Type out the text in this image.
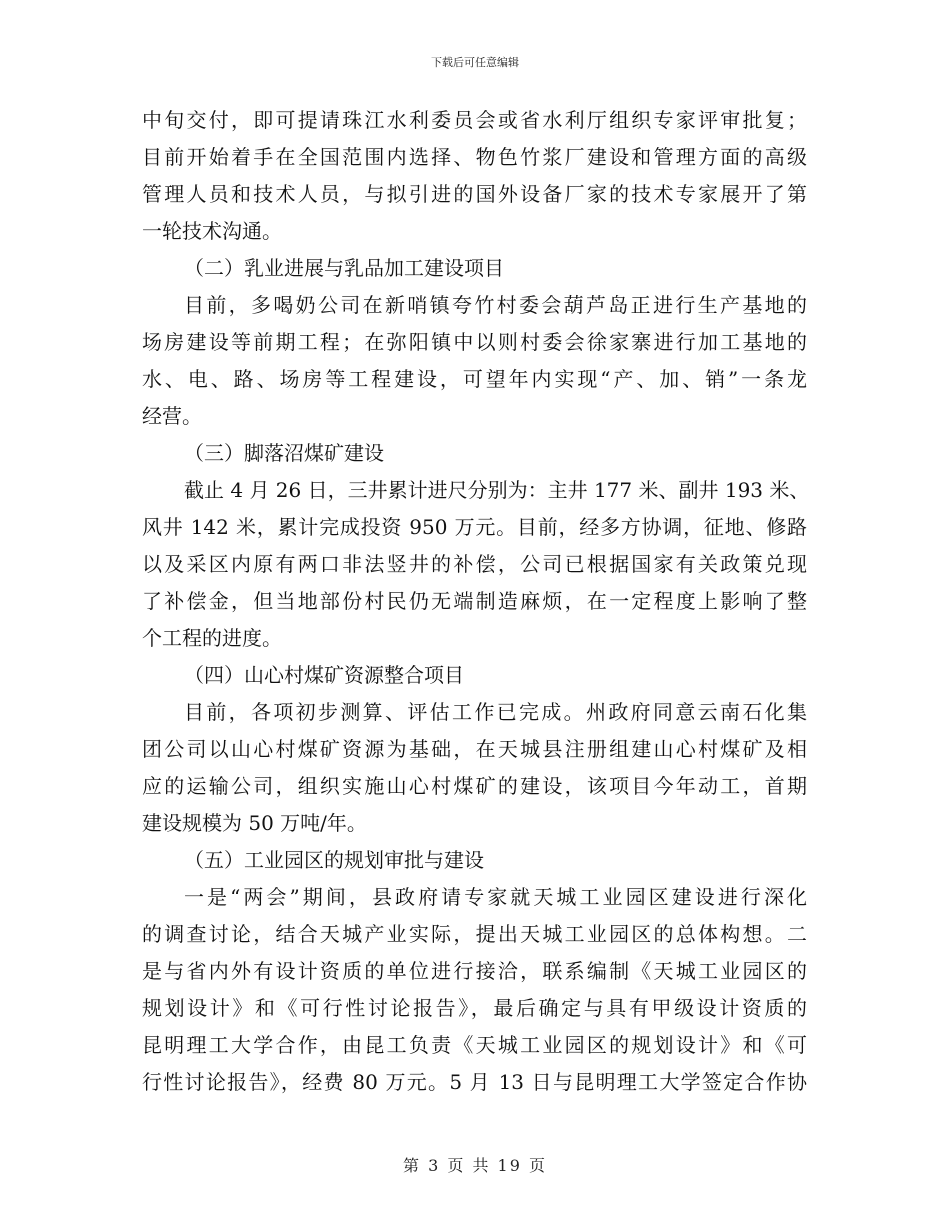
下载后可任意编辑
中旬交付，即可提请珠江水利委员会或省水利厅组织专家评审批复；
目前开始着手在全国范围内选择、物色竹浆厂建设和管理方面的高级
管理人员和技术人员，与拟引进的国外设备厂家的技术专家展开了第
一轮技术沟通。
（二）乳业进展与乳品加工建设项目
目前，多喝奶公司在新哨镇夸竹村委会葫芦岛正进行生产基地的
场房建设等前期工程；在弥阳镇中以则村委会徐家寨进行加工基地的
水、电、路、场房等工程建设，可望年内实现“产、加、销”一条龙
经营。
（三）脚落沼煤矿建设
截止 4 月 26 日，三井累计进尺分别为：主井 177 米、副井 193 米、
风井 142 米，累计完成投资 950 万元。目前，经多方协调，征地、修路
以及采区内原有两口非法竖井的补偿，公司已根据国家有关政策兑现
了补偿金，但当地部份村民仍无端制造麻烦，在一定程度上影响了整
个工程的进度。
（四）山心村煤矿资源整合项目
目前，各项初步测算、评估工作已完成。州政府同意云南石化集
团公司以山心村煤矿资源为基础，在天城县注册组建山心村煤矿及相
应的运输公司，组织实施山心村煤矿的建设，该项目今年动工，首期
建设规模为 50 万吨/年。
（五）工业园区的规划审批与建设
一是“两会”期间，县政府请专家就天城工业园区建设进行深化
的调查讨论，结合天城产业实际，提出天城工业园区的总体构想。二
是与省内外有设计资质的单位进行接洽，联系编制《天城工业园区的
规划设计》和《可行性讨论报告》，最后确定与具有甲级设计资质的
昆明理工大学合作，由昆工负责《天城工业园区的规划设计》和《可
行性讨论报告》，经费 80 万元。5 月 13 日与昆明理工大学签定合作协
第 3 页 共 19 页
